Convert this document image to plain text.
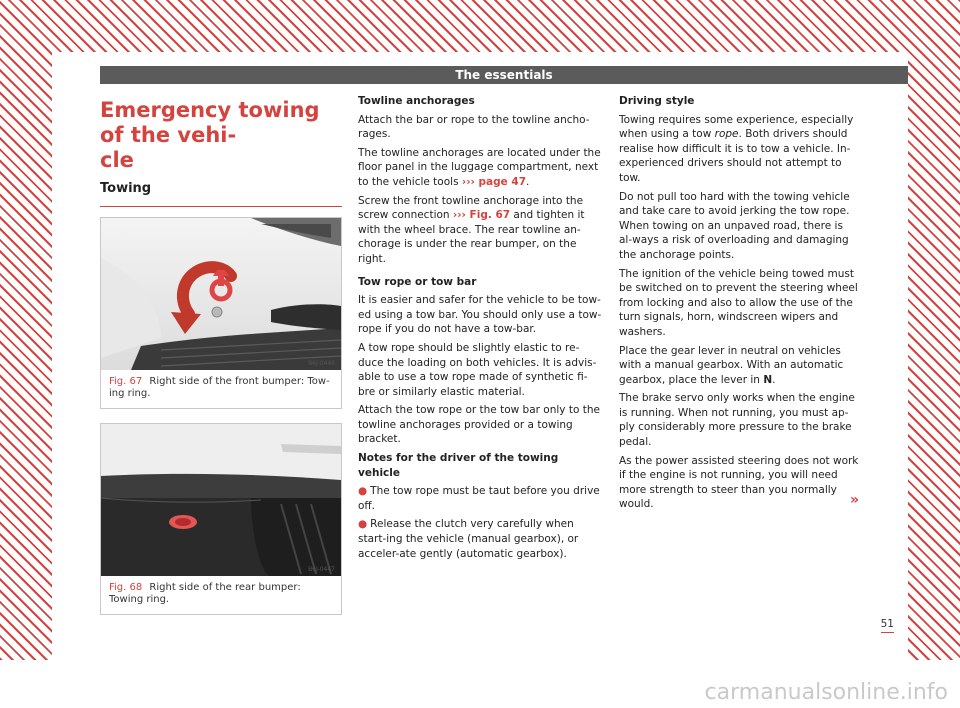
The essentials
Emergency towing of the vehi-
cle
Towing
B6J-0446
Fig. 67 Right side of the front bumper: Tow-ing ring.
B6J-0447
Fig. 68 Right side of the rear bumper: Towing ring.

Towline anchorages

Attach the bar or rope to the towline ancho-rages.

The towline anchorages are located under the floor panel in the luggage compartment, next to the vehicle tools ››› page 47.

Screw the front towline anchorage into the screw connection ››› Fig. 67 and tighten it with the wheel brace. The rear towline an-chorage is under the rear bumper, on the right.

Tow rope or tow bar

It is easier and safer for the vehicle to be tow-ed using a tow bar. You should only use a tow-rope if you do not have a tow-bar.

A tow rope should be slightly elastic to re-duce the loading on both vehicles. It is advis-able to use a tow rope made of synthetic fi-bre or similarly elastic material.

Attach the tow rope or the tow bar only to the towline anchorages provided or a towing bracket.

Notes for the driver of the towing vehicle

● The tow rope must be taut before you drive off.

● Release the clutch very carefully when start-ing the vehicle (manual gearbox), or acceler-ate gently (automatic gearbox).

Driving style

Towing requires some experience, especially when using a tow rope. Both drivers should realise how difficult it is to tow a vehicle. In-experienced drivers should not attempt to tow.

Do not pull too hard with the towing vehicle and take care to avoid jerking the tow rope. When towing on an unpaved road, there is al-ways a risk of overloading and damaging the anchorage points.

The ignition of the vehicle being towed must be switched on to prevent the steering wheel from locking and also to allow the use of the turn signals, horn, windscreen wipers and washers.

Place the gear lever in neutral on vehicles with a manual gearbox. With an automatic gearbox, place the lever in N.

The brake servo only works when the engine is running. When not running, you must ap-ply considerably more pressure to the brake pedal.

As the power assisted steering does not work if the engine is not running, you will need more strength to steer than you normally would.	»

51
carmanualsonline.info
